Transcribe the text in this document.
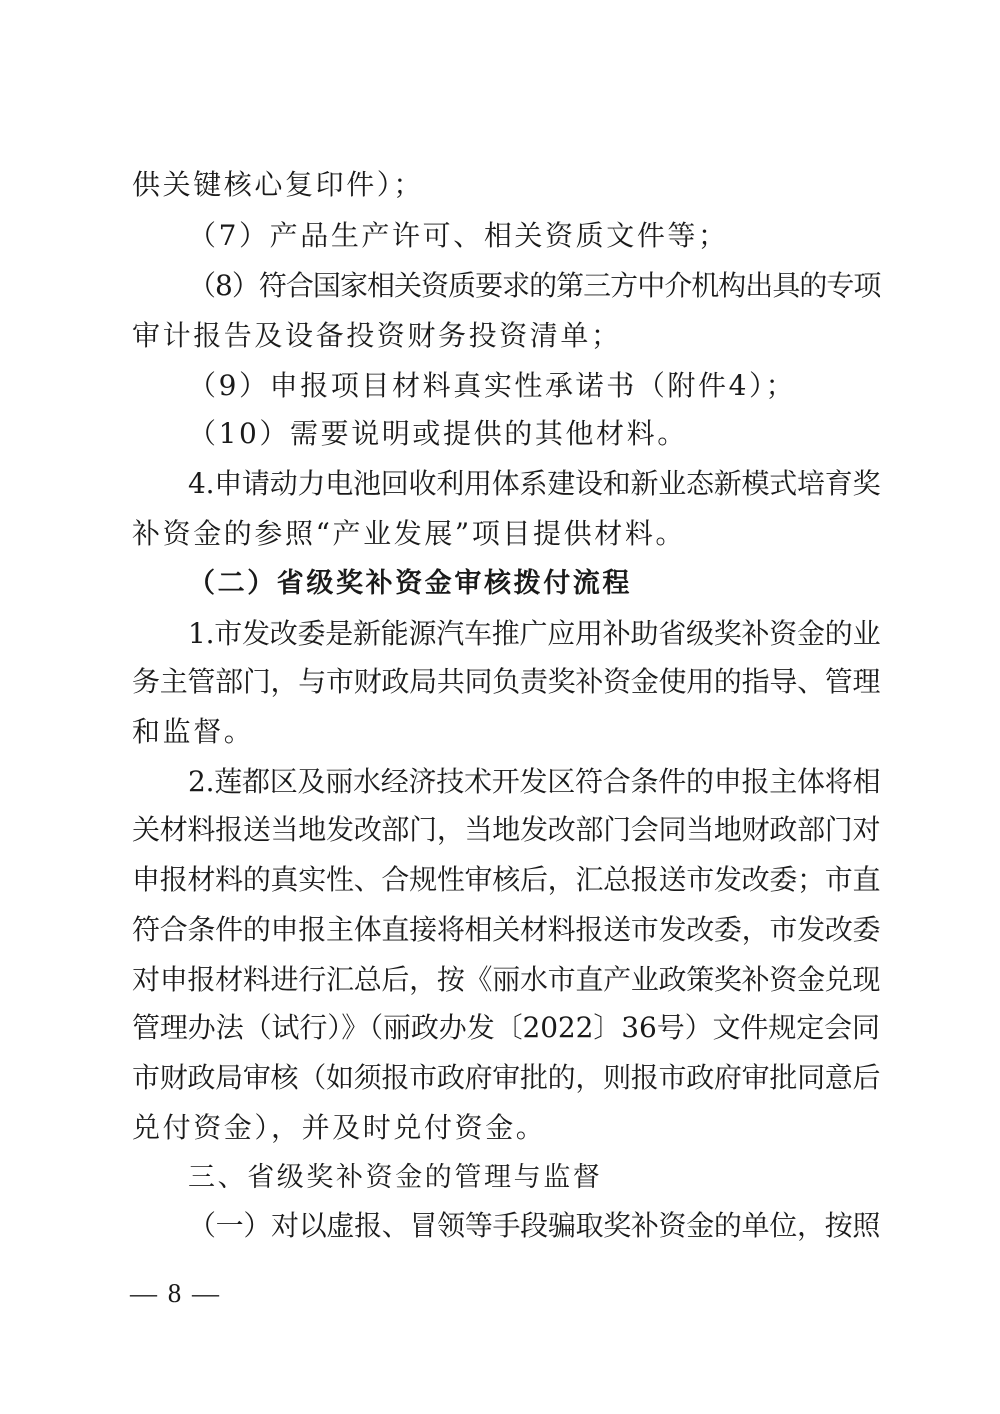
供关键核心复印件）；
（7）产品生产许可、相关资质文件等；
（8）符合国家相关资质要求的第三方中介机构出具的专项
审计报告及设备投资财务投资清单；
（9）申报项目材料真实性承诺书（附件4）；
（10）需要说明或提供的其他材料。
4.申请动力电池回收利用体系建设和新业态新模式培育奖
补资金的参照“产业发展”项目提供材料。
（二）省级奖补资金审核拨付流程
1.市发改委是新能源汽车推广应用补助省级奖补资金的业
务主管部门，与市财政局共同负责奖补资金使用的指导、管理
和监督。
2.莲都区及丽水经济技术开发区符合条件的申报主体将相
关材料报送当地发改部门，当地发改部门会同当地财政部门对
申报材料的真实性、合规性审核后，汇总报送市发改委；市直
符合条件的申报主体直接将相关材料报送市发改委，市发改委
对申报材料进行汇总后，按《丽水市直产业政策奖补资金兑现
管理办法（试行）》（丽政办发〔2022〕36号）文件规定会同
市财政局审核（如须报市政府审批的，则报市政府审批同意后
兑付资金），并及时兑付资金。
三、省级奖补资金的管理与监督
（一）对以虚报、冒领等手段骗取奖补资金的单位，按照
— 8 —
